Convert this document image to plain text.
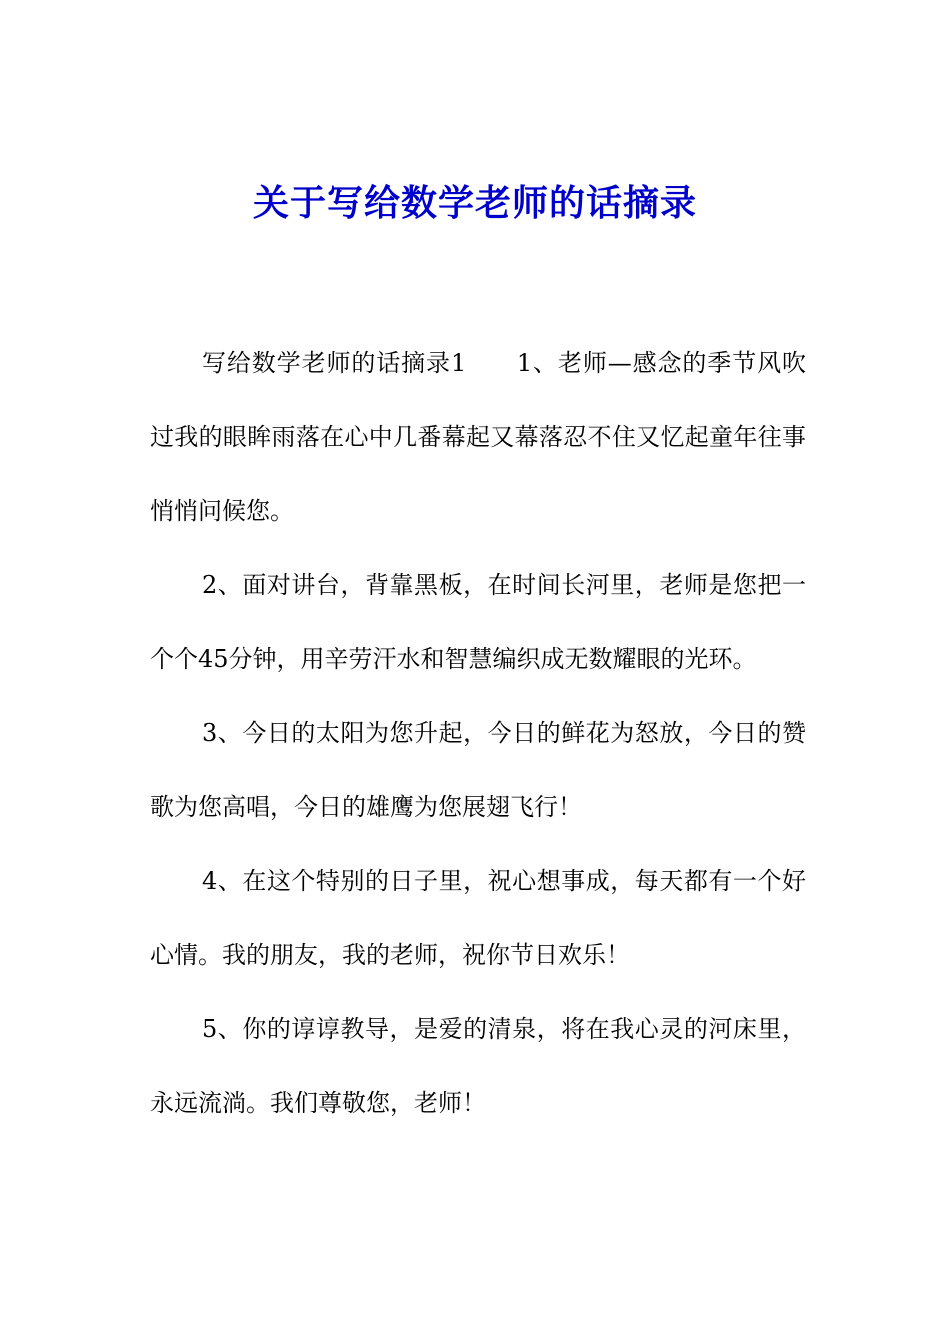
关于写给数学老师的话摘录

写给数学老师的话摘录1　　1、老师—感念的季节风吹过我的眼眸雨落在心中几番幕起又幕落忍不住又忆起童年往事悄悄问候您。

2、面对讲台，背靠黑板，在时间长河里，老师是您把一个个45分钟，用辛劳汗水和智慧编织成无数耀眼的光环。

3、今日的太阳为您升起，今日的鲜花为怒放，今日的赞歌为您高唱，今日的雄鹰为您展翅飞行！

4、在这个特别的日子里，祝心想事成，每天都有一个好心情。我的朋友，我的老师，祝你节日欢乐！

5、你的谆谆教导，是爱的清泉，将在我心灵的河床里，永远流淌。我们尊敬您，老师！
